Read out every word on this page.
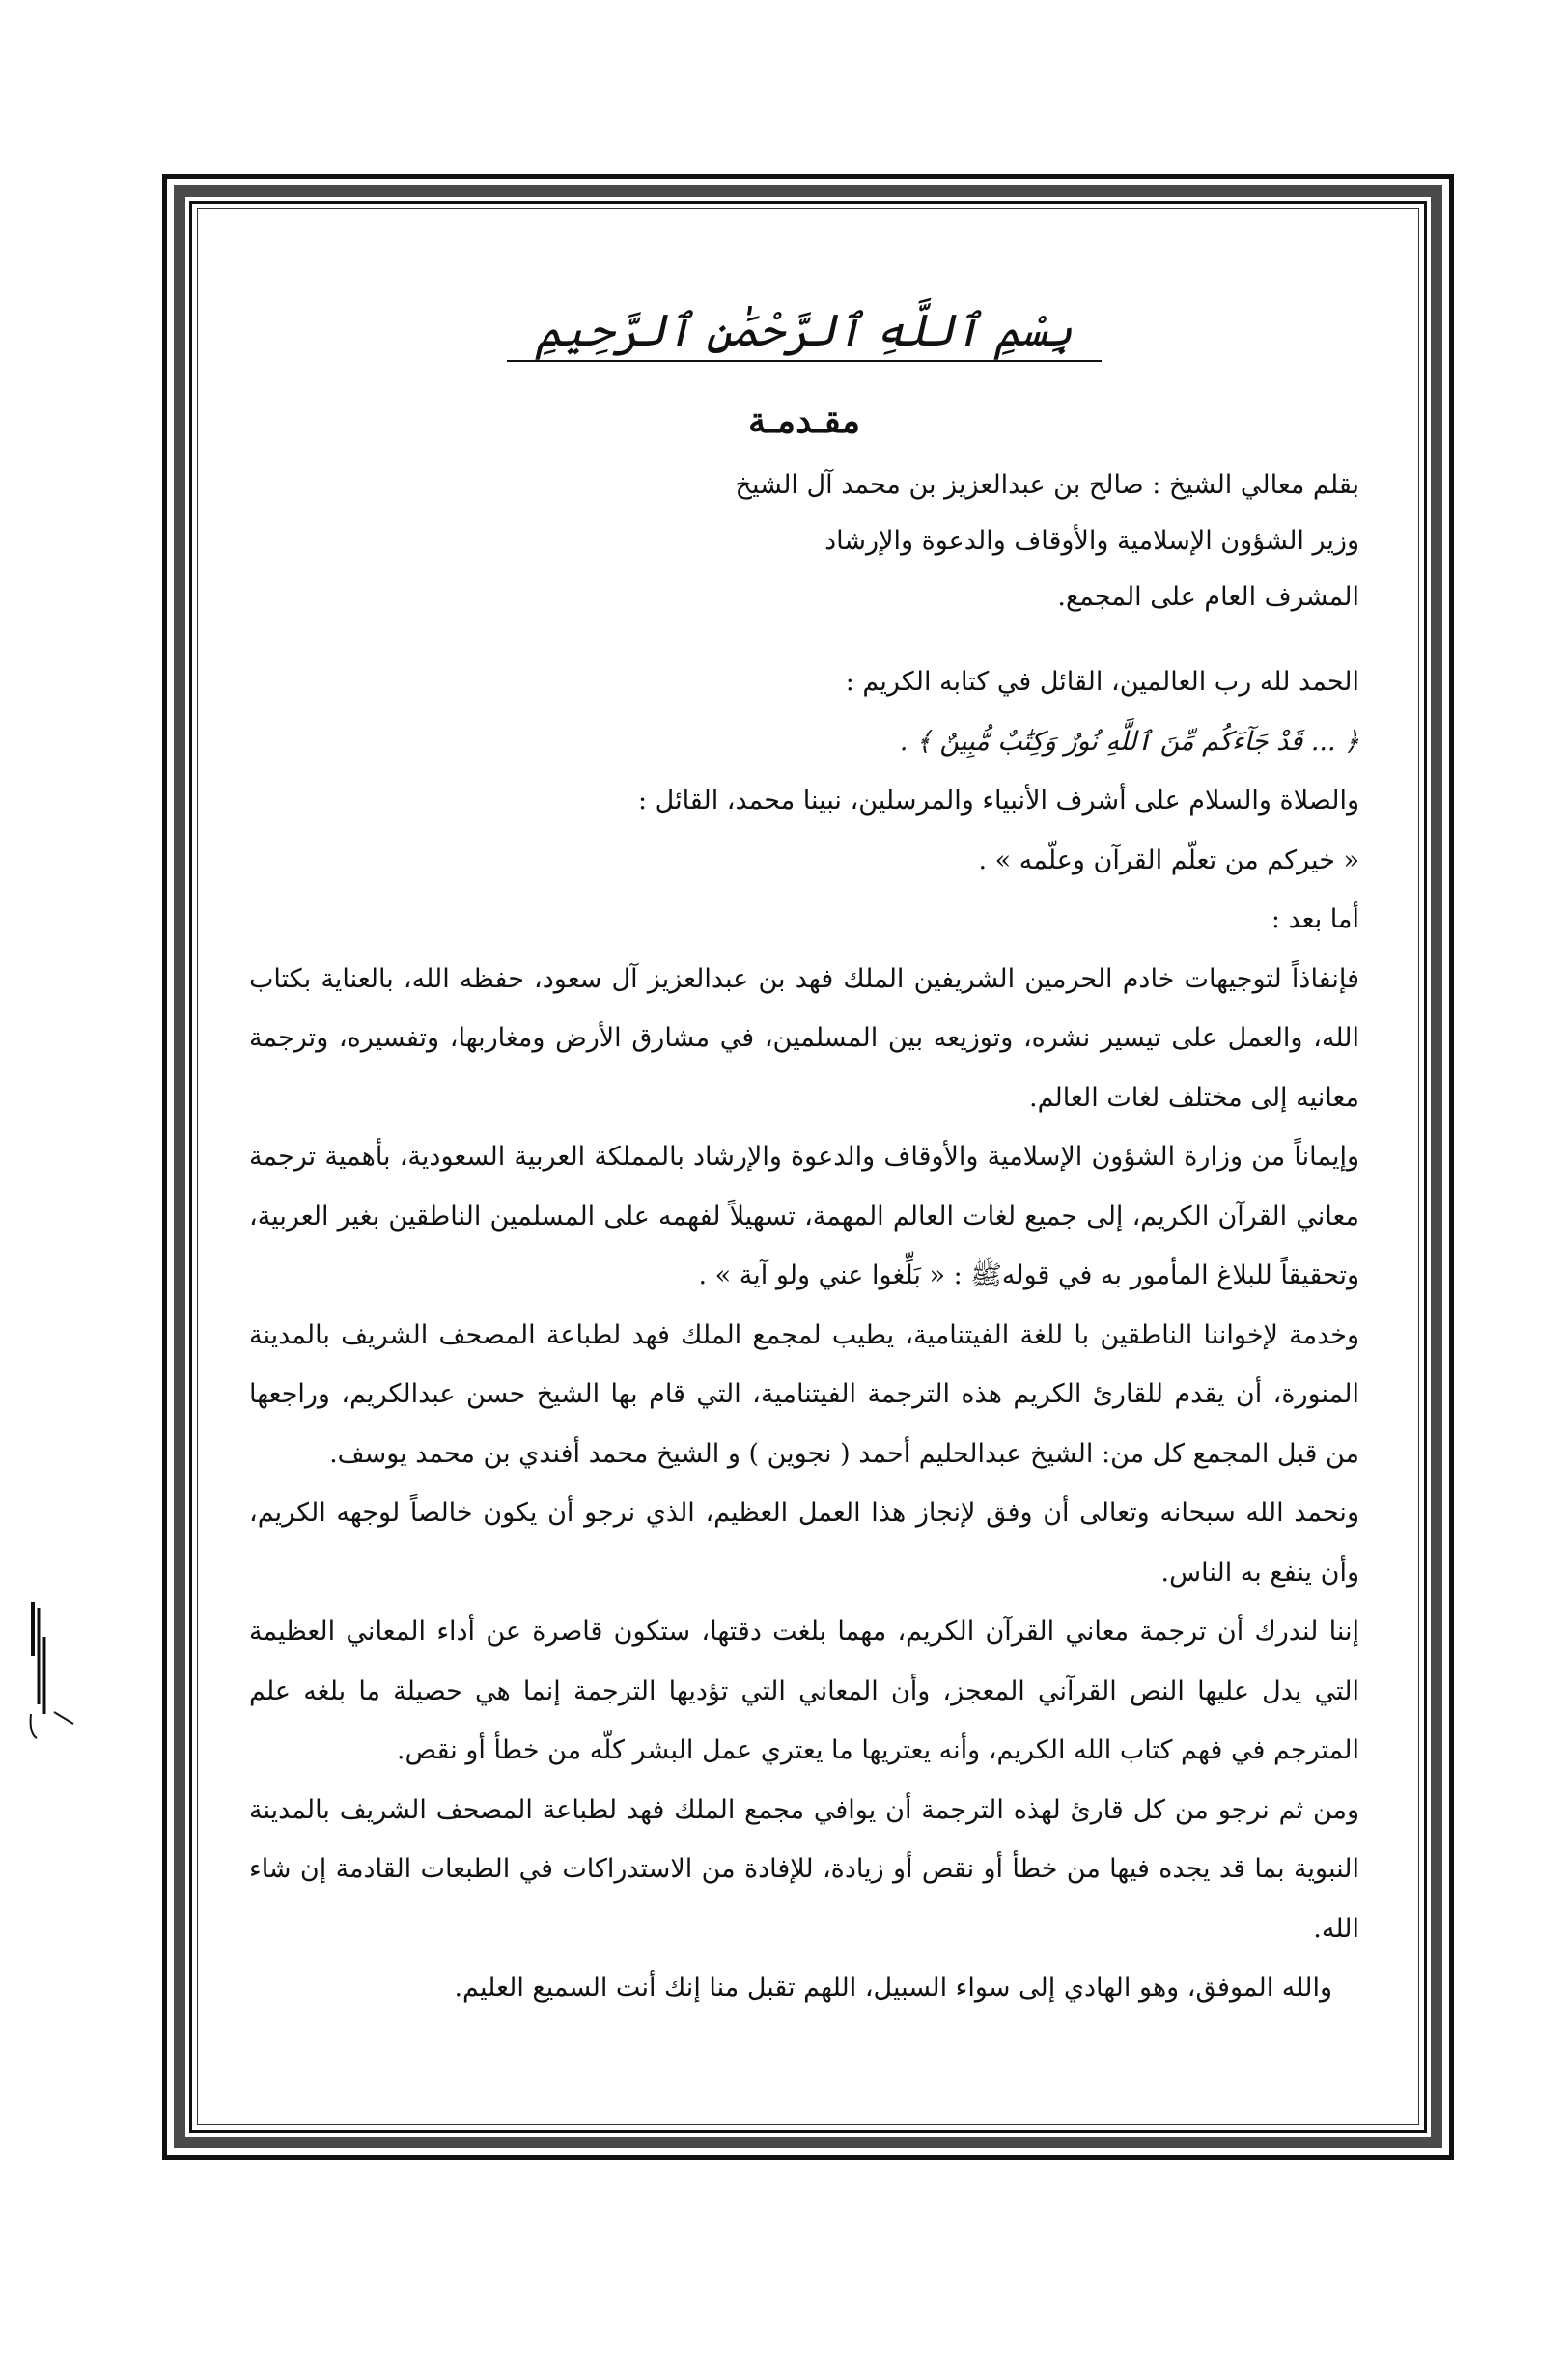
بِسْمِ ٱللَّهِ ٱلرَّحْمَٰنِ ٱلرَّحِيمِ
مقـدمـة
بقلم معالي الشيخ : صالح بن عبدالعزيز بن محمد آل الشيخ
وزير الشؤون الإسلامية والأوقاف والدعوة والإرشاد
المشرف العام على المجمع.

الحمد لله رب العالمين، القائل في كتابه الكريم :

﴿ ... قَدْ جَآءَكُم مِّنَ ٱللَّهِ نُورٌ وَكِتَٰبٌ مُّبِينٌ ﴾ .

والصلاة والسلام على أشرف الأنبياء والمرسلين، نبينا محمد، القائل :

« خيركم من تعلّم القرآن وعلّمه » .

أما بعد :

فإنفاذاً لتوجيهات خادم الحرمين الشريفين الملك فهد بن عبدالعزيز آل سعود، حفظه الله، بالعناية بكتاب الله، والعمل على تيسير نشره، وتوزيعه بين المسلمين، في مشارق الأرض ومغاربها، وتفسيره، وترجمة معانيه إلى مختلف لغات العالم.

وإيماناً من وزارة الشؤون الإسلامية والأوقاف والدعوة والإرشاد بالمملكة العربية السعودية، بأهمية ترجمة معاني القرآن الكريم، إلى جميع لغات العالم المهمة، تسهيلاً لفهمه على المسلمين الناطقين بغير العربية، وتحقيقاً للبلاغ المأمور به في قولهﷺ : « بَلِّغوا عني ولو آية » .

وخدمة لإخواننا الناطقين با للغة الفيتنامية، يطيب لمجمع الملك فهد لطباعة المصحف الشريف بالمدينة المنورة، أن يقدم للقارئ الكريم هذه الترجمة الفيتنامية، التي قام بها الشيخ حسن عبدالكريم، وراجعها من قبل المجمع كل من: الشيخ عبدالحليم أحمد ( نجوين ) و الشيخ محمد أفندي بن محمد يوسف.

ونحمد الله سبحانه وتعالى أن وفق لإنجاز هذا العمل العظيم، الذي نرجو أن يكون خالصاً لوجهه الكريم، وأن ينفع به الناس.

إننا لندرك أن ترجمة معاني القرآن الكريم، مهما بلغت دقتها، ستكون قاصرة عن أداء المعاني العظيمة التي يدل عليها النص القرآني المعجز، وأن المعاني التي تؤديها الترجمة إنما هي حصيلة ما بلغه علم المترجم في فهم كتاب الله الكريم، وأنه يعتريها ما يعتري عمل البشر كلّه من خطأ أو نقص.

ومن ثم نرجو من كل قارئ لهذه الترجمة أن يوافي مجمع الملك فهد لطباعة المصحف الشريف بالمدينة النبوية بما قد يجده فيها من خطأ أو نقص أو زيادة، للإفادة من الاستدراكات في الطبعات القادمة إن شاء الله.

والله الموفق، وهو الهادي إلى سواء السبيل، اللهم تقبل منا إنك أنت السميع العليم.
